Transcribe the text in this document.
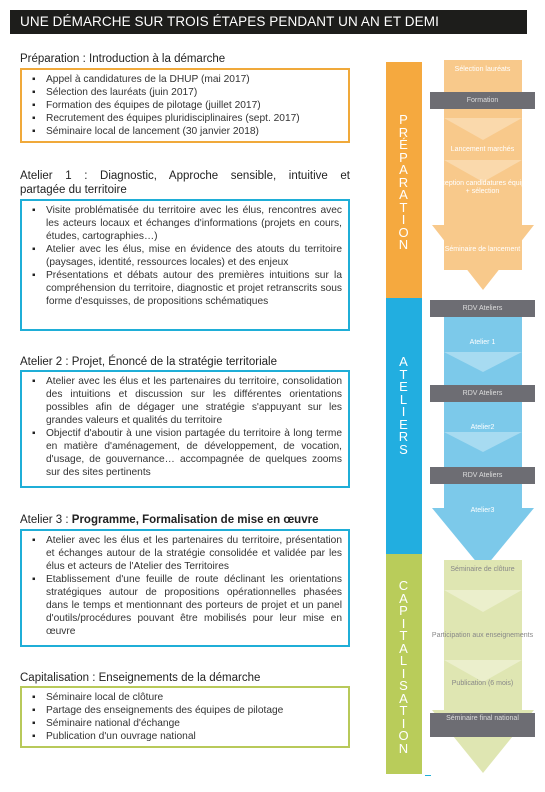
UNE DÉMARCHE SUR TROIS ÉTAPES PENDANT UN AN ET DEMI
Préparation : Introduction à la démarche
▪ Appel à candidatures de la DHUP (mai 2017)
▪ Sélection des lauréats (juin 2017)
▪ Formation des équipes de pilotage (juillet 2017)
▪ Recrutement des équipes pluridisciplinaires (sept. 2017)
▪ Séminaire local de lancement (30 janvier 2018)
Atelier 1 : Diagnostic, Approche sensible, intuitive et
partagée du territoire
▪ Visite problématisée du territoire avec les élus, rencontres avec les acteurs locaux et échanges d'informations (projets en cours, études, cartographies…)
▪ Atelier avec les élus, mise en évidence des atouts du territoire (paysages, identité, ressources locales) et des enjeux
▪ Présentations et débats autour des premières intuitions sur la compréhension du territoire, diagnostic et projet retranscrits sous forme d'esquisses, de propositions schématiques
Atelier 2 : Projet, Énoncé de la stratégie territoriale
▪ Atelier avec les élus et les partenaires du territoire, consolidation des intuitions et discussion sur les différentes orientations possibles afin de dégager une stratégie s'appuyant sur les grandes valeurs et qualités du territoire
▪ Objectif d'aboutir à une vision partagée du territoire à long terme en matière d'aménagement, de développement, de vocation, d'usage, de gouvernance… accompagnée de quelques zooms sur des sites pertinents
Atelier 3 : Programme, Formalisation de mise en œuvre
▪ Atelier avec les élus et les partenaires du territoire, présentation et échanges autour de la stratégie consolidée et validée par les élus et acteurs de l'Atelier des Territoires
▪ Etablissement d'une feuille de route déclinant les orientations stratégiques autour de propositions opérationnelles phasées dans le temps et mentionnant des porteurs de projet et un panel d'outils/procédures pouvant être mobilisés pour leur mise en œuvre
Capitalisation : Enseignements de la démarche
▪ Séminaire local de clôture
▪ Partage des enseignements des équipes de pilotage
▪ Séminaire national d'échange
▪ Publication d'un ouvrage national
P
R
É
P
A
R
A
T
I
O
N
A
T
E
L
I
E
R
S
C
A
P
I
T
A
L
I
S
A
T
I
O
N
Sélection lauréats
Formation
Lancement marchés
Réception candidatures équipes + sélection
Séminaire de lancement
RDV Ateliers
Atelier 1
RDV Ateliers
Atelier2
RDV Ateliers
Atelier3
Séminaire de clôture
Participation aux enseignements
Publication (6 mois)
Séminaire final national
